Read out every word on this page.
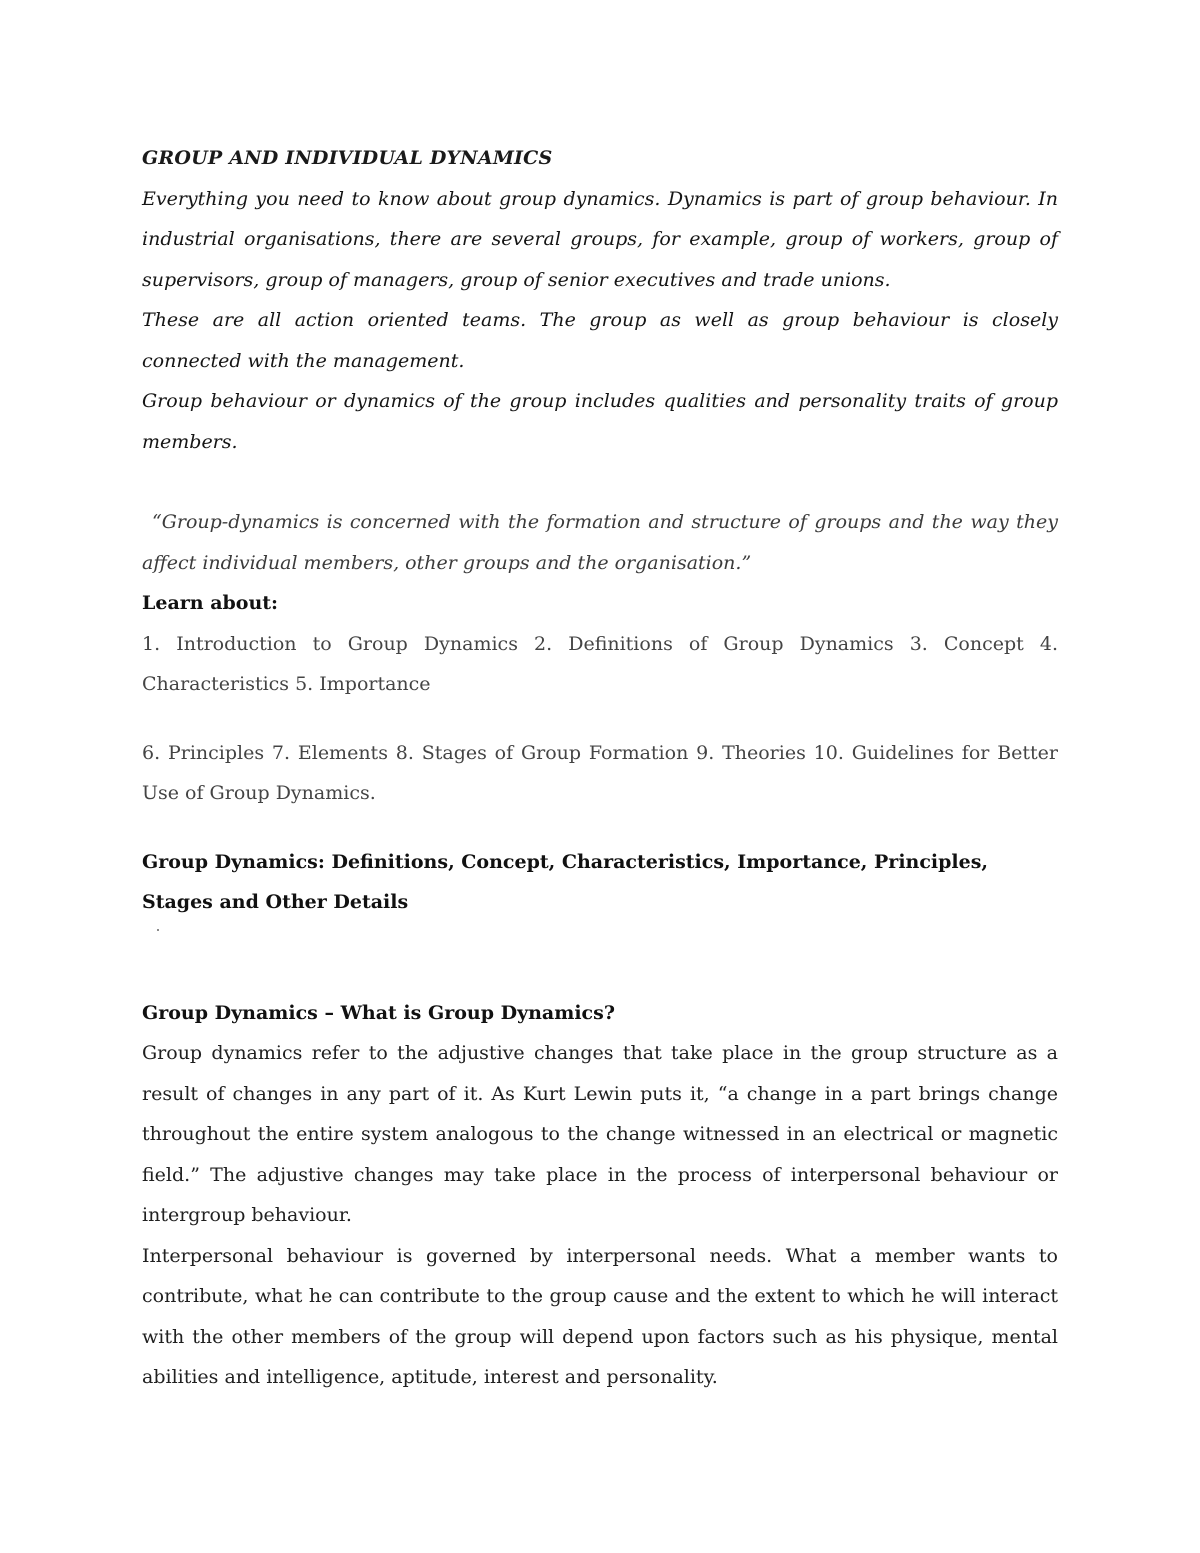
GROUP AND INDIVIDUAL DYNAMICS

Everything you need to know about group dynamics. Dynamics is part of group behaviour. In industrial organisations, there are several groups, for example, group of workers, group of supervisors, group of managers, group of senior executives and trade unions.

These are all action oriented teams. The group as well as group behaviour is closely connected with the management.

Group behaviour or dynamics of the group includes qualities and personality traits of group members.

“Group-dynamics is concerned with the formation and structure of groups and the way they affect individual members, other groups and the organisation.”

Learn about:

1. Introduction to Group Dynamics 2. Definitions of Group Dynamics 3. Concept 4. Characteristics 5. Importance

6. Principles 7. Elements 8. Stages of Group Formation 9. Theories 10. Guidelines for Better Use of Group Dynamics.

Group Dynamics: Definitions, Concept, Characteristics, Importance, Principles, Stages and Other Details

Group Dynamics – What is Group Dynamics?

Group dynamics refer to the adjustive changes that take place in the group structure as a result of changes in any part of it. As Kurt Lewin puts it, “a change in a part brings change throughout the entire system analogous to the change witnessed in an electrical or magnetic field.” The adjustive changes may take place in the process of interpersonal behaviour or intergroup behaviour.

Interpersonal behaviour is governed by interpersonal needs. What a member wants to contribute, what he can contribute to the group cause and the extent to which he will interact with the other members of the group will depend upon factors such as his physique, mental abilities and intelligence, aptitude, interest and personality.
